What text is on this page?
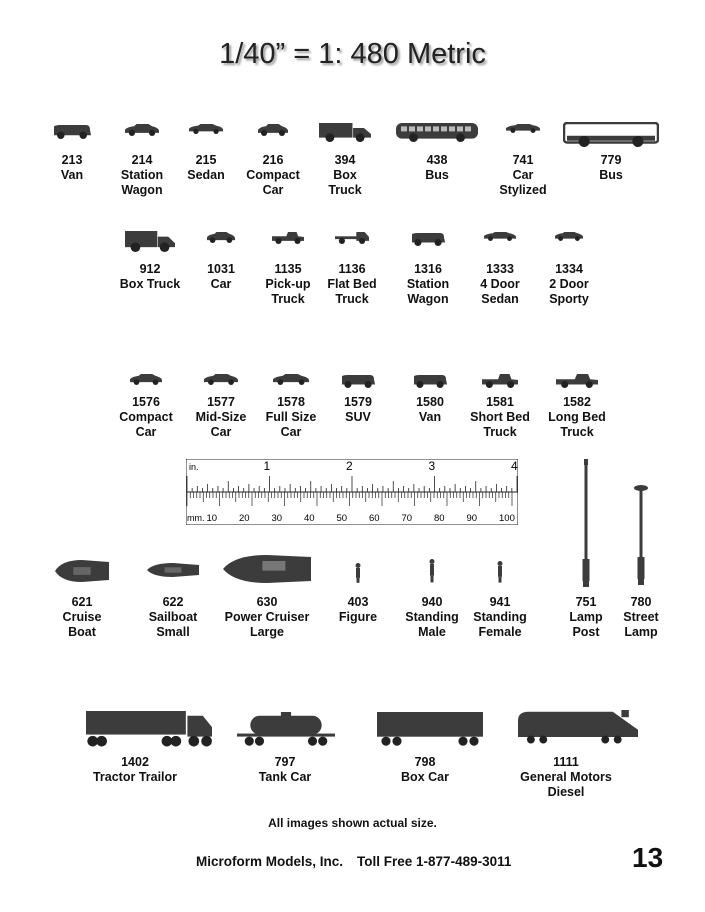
1/40” = 1: 480 Metric
213
Van
214
Station
Wagon
215
Sedan
216
Compact
Car
394
Box
Truck
438
Bus
741
Car
Stylized
779
Bus
912
Box Truck
1031
Car
1135
Pick-up
Truck
1136
Flat Bed
Truck
1316
Station
Wagon
1333
4 Door
Sedan
1334
2 Door
Sporty
1576
Compact
Car
1577
Mid-Size
Car
1578
Full Size
Car
1579
SUV
1580
Van
1581
Short Bed
Truck
1582
Long Bed
Truck
621
Cruise
Boat
622
Sailboat
Small
630
Power Cruiser
Large
403
Figure
940
Standing
Male
941
Standing
Female
751
Lamp
Post
780
Street
Lamp
1402
Tractor Trailor
797
Tank Car
798
Box Car
1111
General Motors Diesel
in.	1	2	3	4
mm. 10 20 30 40 50 60 70 80 90 100
All images shown actual size.
Microform Models, Inc. Toll Free 1-877-489-3011	13
